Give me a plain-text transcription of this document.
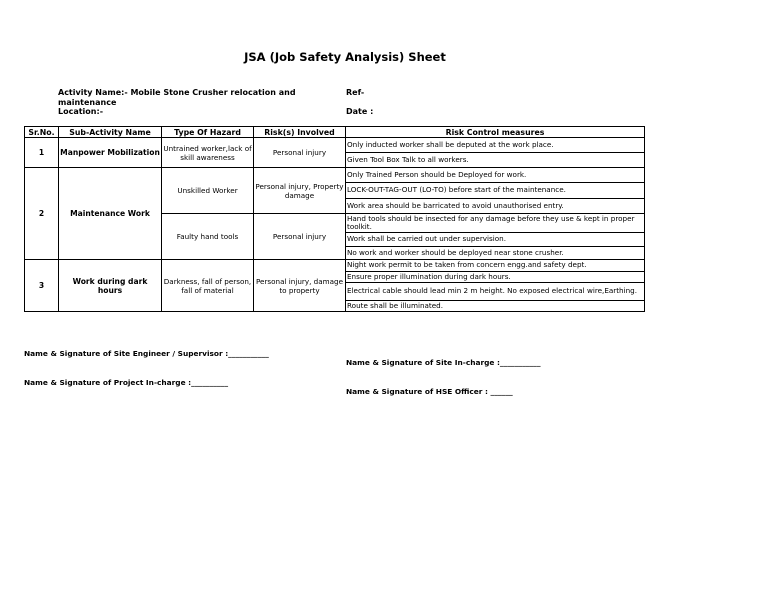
JSA (Job Safety Analysis) Sheet
Activity Name:- Mobile Stone Crusher relocation and
maintenance
Location:-
Ref-
Date :
Sr.No.	Sub-Activity Name	Type Of Hazard	Risk(s) Involved	Risk Control measures
1	Manpower Mobilization	Untrained worker,lack of skill awareness	Personal injury	Only inducted worker shall be deputed at the work place.
				Given Tool Box Talk to all workers.
2	Maintenance Work	Unskilled Worker	Personal injury, Property damage	Only Trained Person should be Deployed for work.
				LOCK-OUT-TAG-OUT (LO-TO) before start of the maintenance.
				Work area should be barricated to avoid unauthorised entry.
		Faulty hand tools	Personal injury	Hand tools should be insected for any damage before they use & kept in proper toolkit.
				Work shall be carried out under supervision.
				No work and worker should be deployed near stone crusher.
3	Work during dark hours	Darkness, fall of person, fall of material	Personal injury, damage to property	Night work permit to be taken from concern engg.and safety dept.
				Ensure proper illumination during dark hours.
				Electrical cable should lead min 2 m height. No exposed electrical wire,Earthing.
				Route shall be illuminated.
Name & Signature of Site Engineer / Supervisor :___________
Name & Signature of Project In-charge :__________
Name & Signature of Site In-charge :___________
Name & Signature of HSE Officer : ______
